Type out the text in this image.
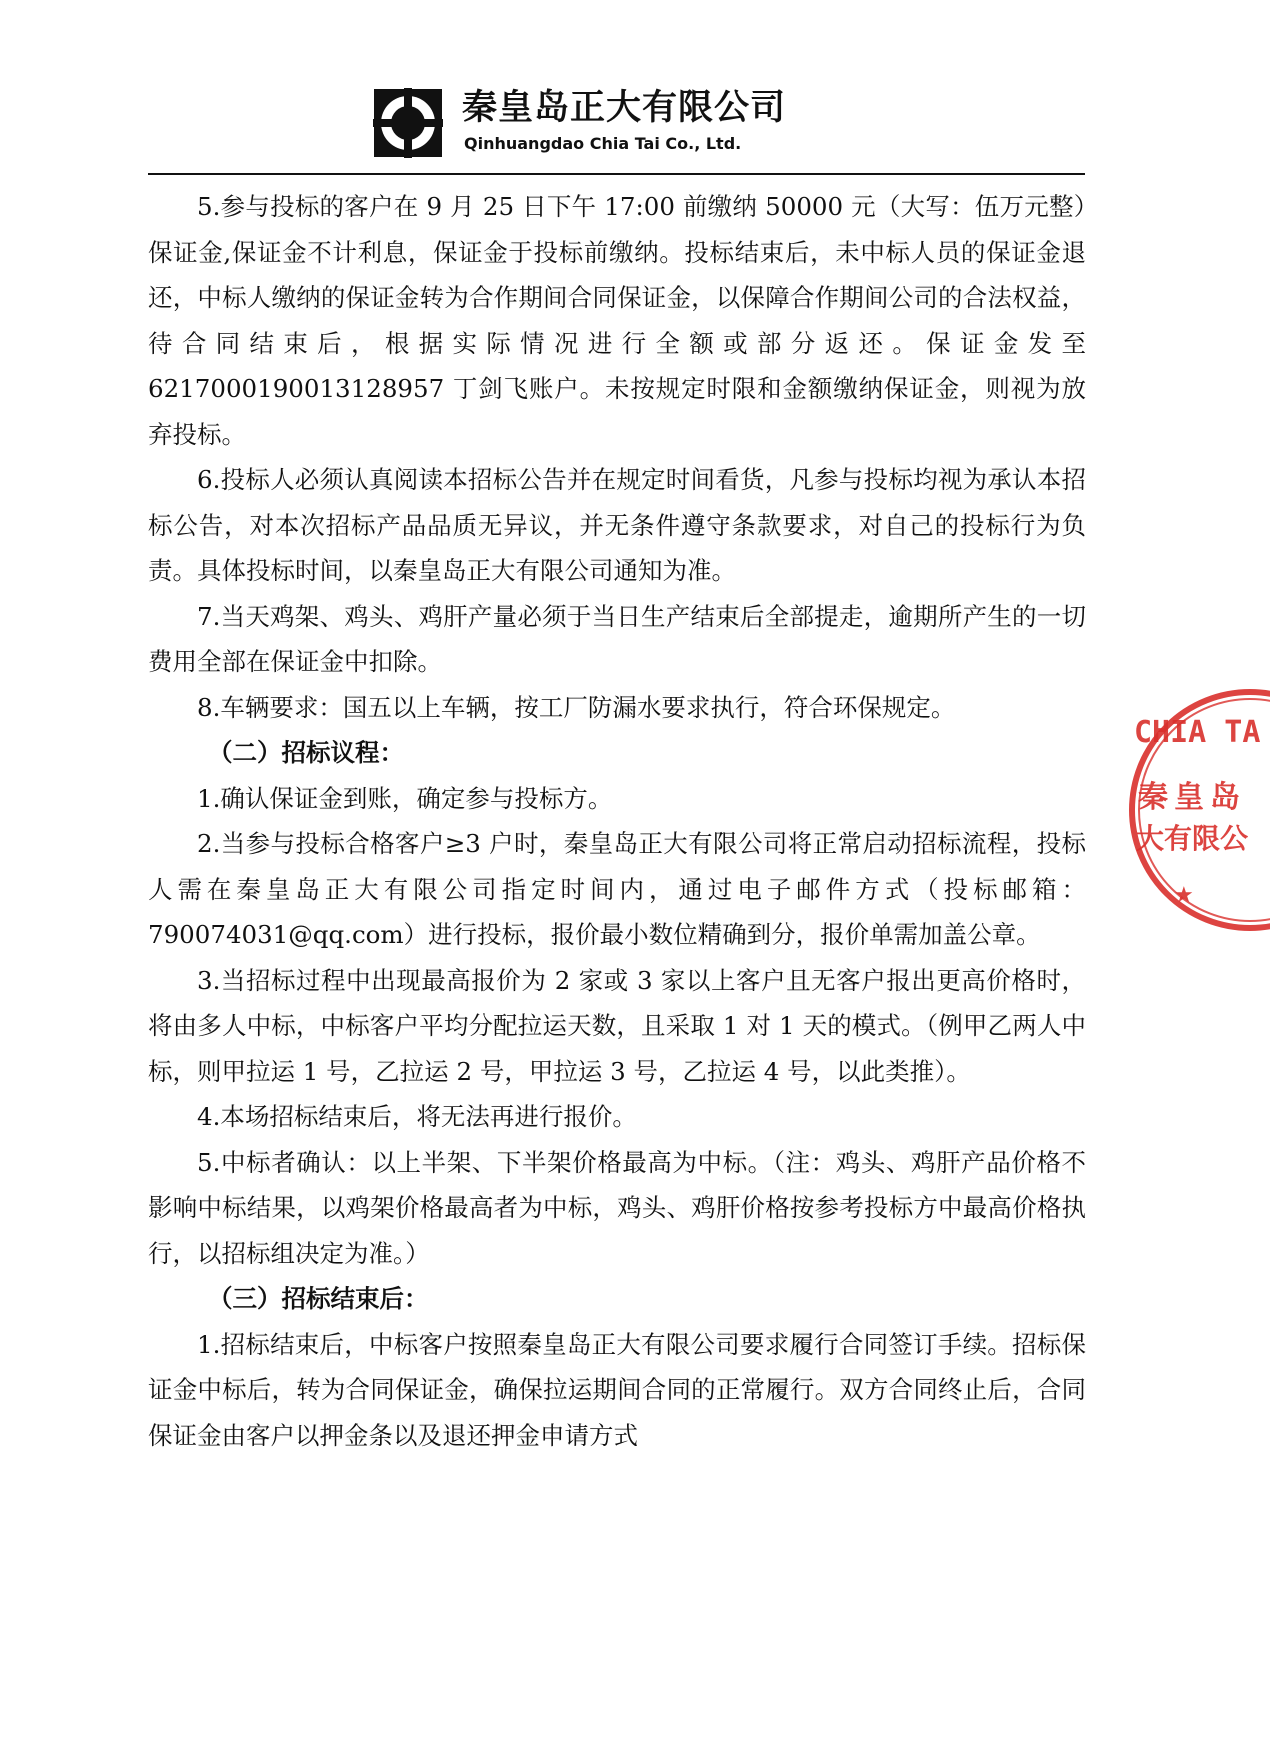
秦皇岛正大有限公司

Qinhuangdao Chia Tai Co., Ltd.

5.参与投标的客户在 9 月 25 日下午 17:00 前缴纳 50000 元（大写：伍万元整）保证金,保证金不计利息，保证金于投标前缴纳。投标结束后，未中标人员的保证金退还，中标人缴纳的保证金转为合作期间合同保证金，以保障合作期间公司的合法权益，待合同结束后，根据实际情况进行全额或部分返还。保证金发至 6217000190013128957 丁剑飞账户。未按规定时限和金额缴纳保证金，则视为放弃投标。

6.投标人必须认真阅读本招标公告并在规定时间看货，凡参与投标均视为承认本招标公告，对本次招标产品品质无异议，并无条件遵守条款要求，对自己的投标行为负责。具体投标时间，以秦皇岛正大有限公司通知为准。

7.当天鸡架、鸡头、鸡肝产量必须于当日生产结束后全部提走，逾期所产生的一切费用全部在保证金中扣除。

8.车辆要求：国五以上车辆，按工厂防漏水要求执行，符合环保规定。

（二）招标议程：

1.确认保证金到账，确定参与投标方。

2.当参与投标合格客户≥3 户时，秦皇岛正大有限公司将正常启动招标流程，投标人需在秦皇岛正大有限公司指定时间内，通过电子邮件方式（投标邮箱：790074031@qq.com）进行投标，报价最小数位精确到分，报价单需加盖公章。

3.当招标过程中出现最高报价为 2 家或 3 家以上客户且无客户报出更高价格时，将由多人中标，中标客户平均分配拉运天数，且采取 1 对 1 天的模式。（例甲乙两人中标，则甲拉运 1 号，乙拉运 2 号，甲拉运 3 号，乙拉运 4 号，以此类推）。

4.本场招标结束后，将无法再进行报价。

5.中标者确认：以上半架、下半架价格最高为中标。（注：鸡头、鸡肝产品价格不影响中标结果，以鸡架价格最高者为中标，鸡头、鸡肝价格按参考投标方中最高价格执行，以招标组决定为准。）

（三）招标结束后：

1.招标结束后，中标客户按照秦皇岛正大有限公司要求履行合同签订手续。招标保证金中标后，转为合同保证金，确保拉运期间合同的正常履行。双方合同终止后，合同保证金由客户以押金条以及退还押金申请方式

CHIA TA
秦皇岛
大有限公
★
